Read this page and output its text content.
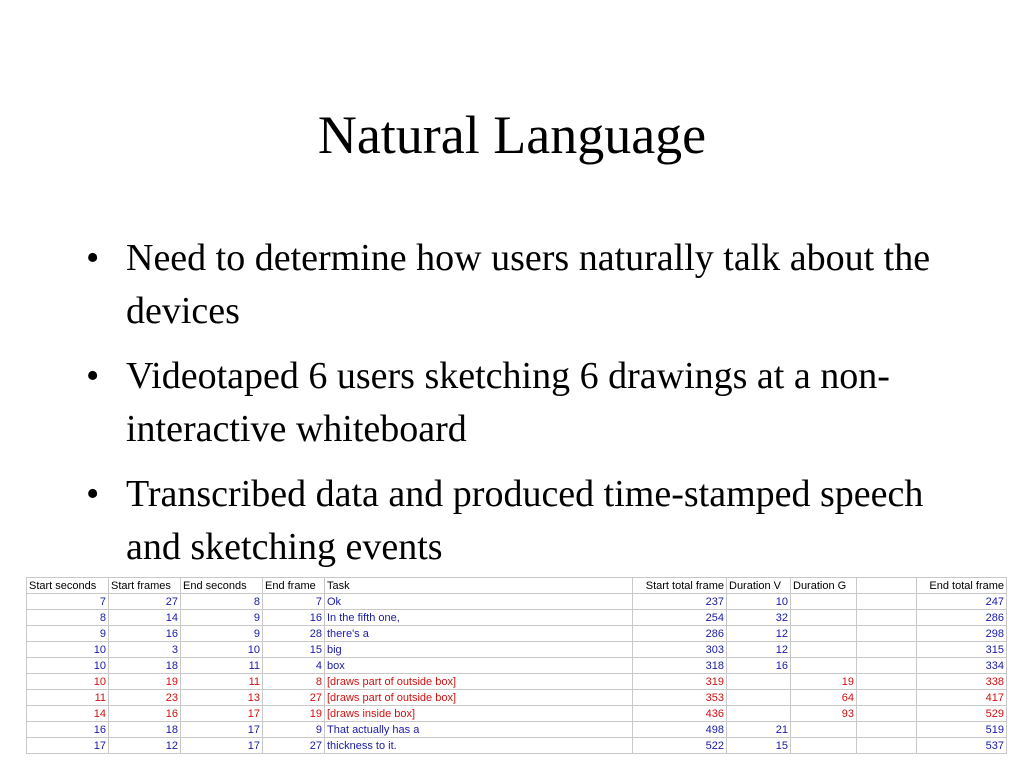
Natural Language
• Need to determine how users naturally talk about the devices
• Videotaped 6 users sketching 6 drawings at a non-interactive whiteboard
• Transcribed data and produced time-stamped speech and sketching events
Start seconds	Start frames	End seconds	End frame	Task	Start total frame	Duration V	Duration G		End total frame
7	27	8	7	Ok	237	10			247
8	14	9	16	In the fifth one,	254	32			286
9	16	9	28	there's a	286	12			298
10	3	10	15	big	303	12			315
10	18	11	4	box	318	16			334
10	19	11	8	[draws part of outside box]	319		19		338
11	23	13	27	[draws part of outside box]	353		64		417
14	16	17	19	[draws inside box]	436		93		529
16	18	17	9	That actually has a	498	21			519
17	12	17	27	thickness to it.	522	15			537
